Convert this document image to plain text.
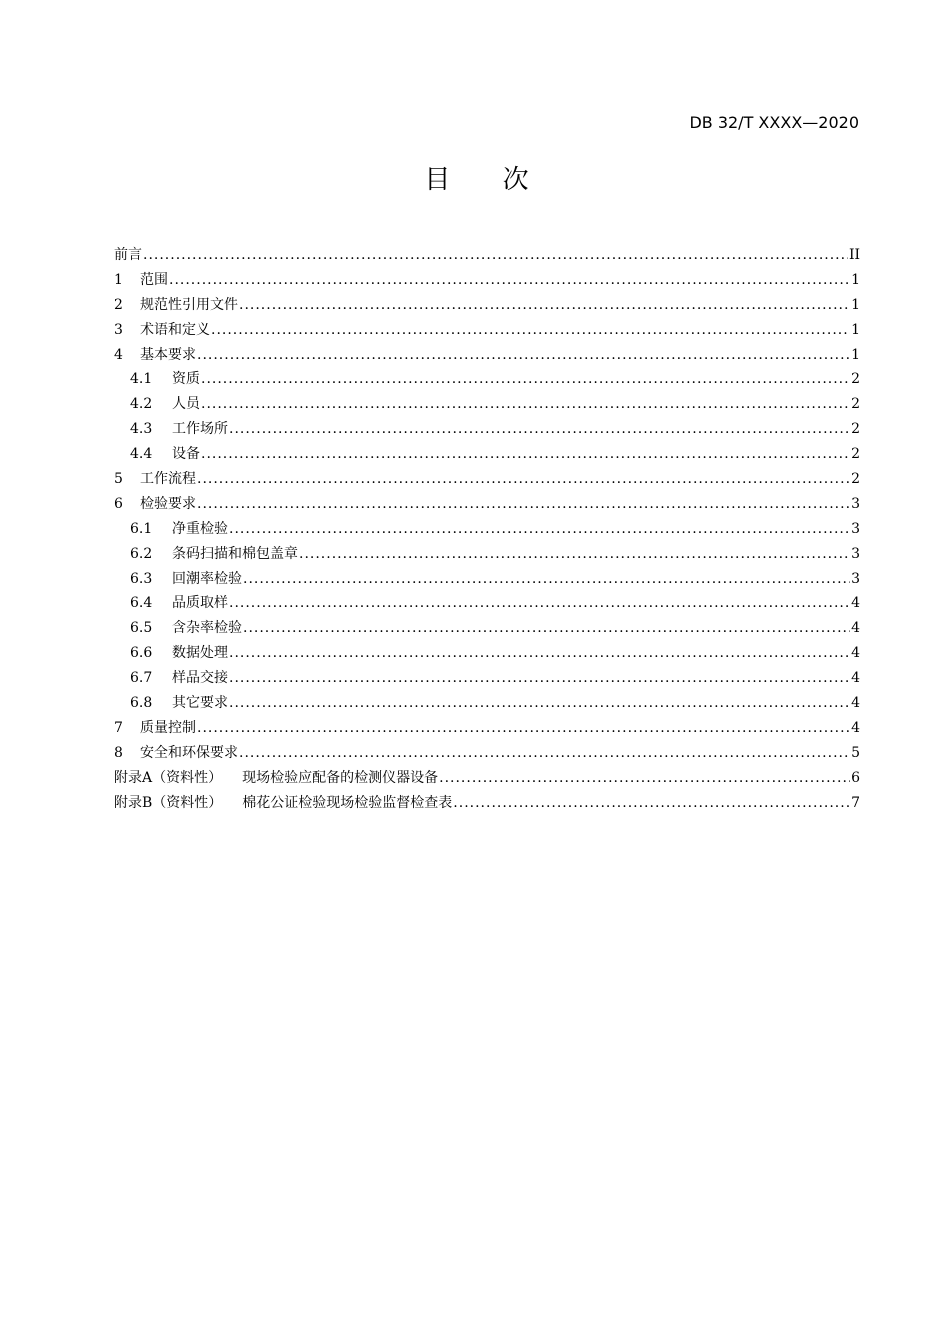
DB 32/T XXXX—2020
目 次
前言 .....	II
1	范围 .....	1
2	规范性引用文件 .....	1
3	术语和定义 .....	1
4	基本要求 .....	1
4.1	资质 .....	2
4.2	人员 .....	2
4.3	工作场所 .....	2
4.4	设备 .....	2
5	工作流程 .....	2
6	检验要求 .....	3
6.1	净重检验 .....	3
6.2	条码扫描和棉包盖章 .....	3
6.3	回潮率检验 .....	3
6.4	品质取样 .....	4
6.5	含杂率检验 .....	4
6.6	数据处理 .....	4
6.7	样品交接 .....	4
6.8	其它要求 .....	4
7	质量控制 .....	4
8	安全和环保要求 .....	5
附录A（资料性） 现场检验应配备的检测仪器设备 .....	6
附录B（资料性） 棉花公证检验现场检验监督检查表 .....	7
